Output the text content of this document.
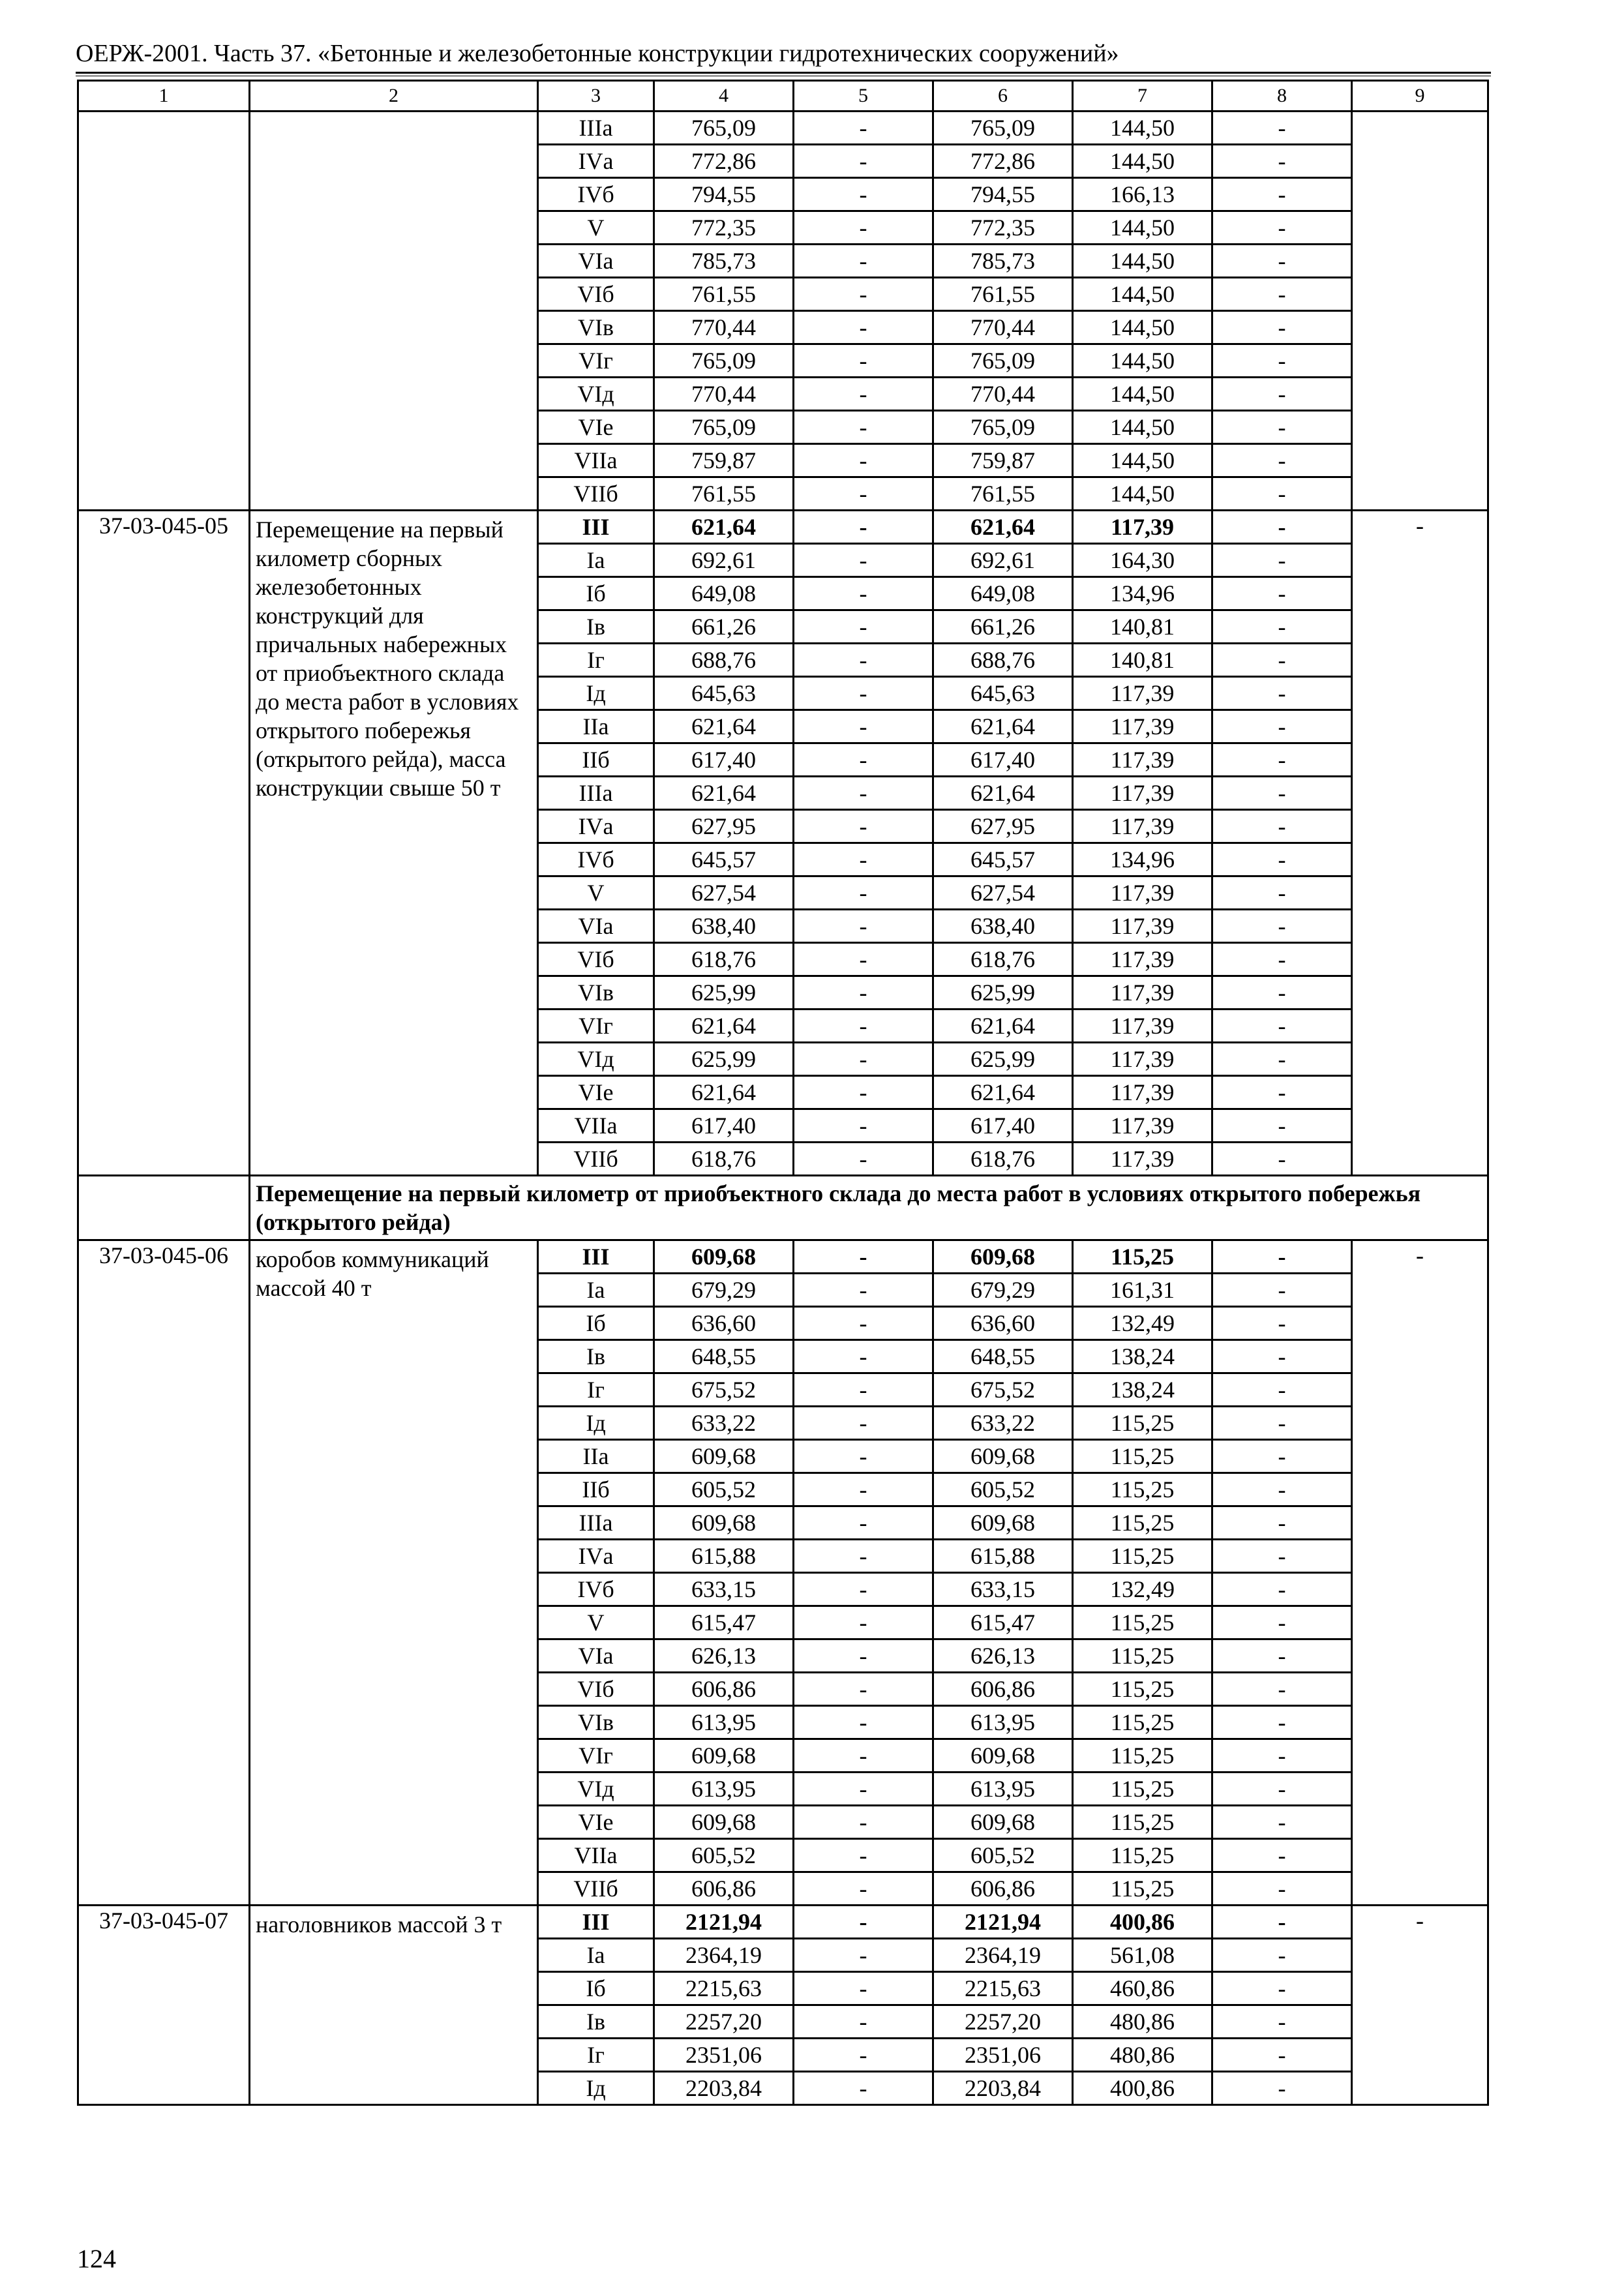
ОЕРЖ-2001. Часть 37. «Бетонные и железобетонные конструкции гидротехнических сооружений»
1	2	3	4	5	6	7	8	9
		IIIа	765,09	-	765,09	144,50	-	
		IVа	772,86	-	772,86	144,50	-	
		IVб	794,55	-	794,55	166,13	-	
		V	772,35	-	772,35	144,50	-	
		VIа	785,73	-	785,73	144,50	-	
		VIб	761,55	-	761,55	144,50	-	
		VIв	770,44	-	770,44	144,50	-	
		VIг	765,09	-	765,09	144,50	-	
		VIд	770,44	-	770,44	144,50	-	
		VIе	765,09	-	765,09	144,50	-	
		VIIа	759,87	-	759,87	144,50	-	
		VIIб	761,55	-	761,55	144,50	-	
37-03-045-05	Перемещение на первый километр сборных железобетонных конструкций для причальных набережных от приобъектного склада до места работ в условиях открытого побережья (открытого рейда), масса конструкции свыше 50 т	III	621,64	-	621,64	117,39	-	-
		Iа	692,61	-	692,61	164,30	-	
		Iб	649,08	-	649,08	134,96	-	
		Iв	661,26	-	661,26	140,81	-	
		Iг	688,76	-	688,76	140,81	-	
		Iд	645,63	-	645,63	117,39	-	
		IIа	621,64	-	621,64	117,39	-	
		IIб	617,40	-	617,40	117,39	-	
		IIIа	621,64	-	621,64	117,39	-	
		IVа	627,95	-	627,95	117,39	-	
		IVб	645,57	-	645,57	134,96	-	
		V	627,54	-	627,54	117,39	-	
		VIа	638,40	-	638,40	117,39	-	
		VIб	618,76	-	618,76	117,39	-	
		VIв	625,99	-	625,99	117,39	-	
		VIг	621,64	-	621,64	117,39	-	
		VIд	625,99	-	625,99	117,39	-	
		VIе	621,64	-	621,64	117,39	-	
		VIIа	617,40	-	617,40	117,39	-	
		VIIб	618,76	-	618,76	117,39	-	
	Перемещение на первый километр от приобъектного склада до места работ в условиях открытого побережья (открытого рейда)							
37-03-045-06	коробов коммуникаций массой 40 т	III	609,68	-	609,68	115,25	-	-
		Iа	679,29	-	679,29	161,31	-	
		Iб	636,60	-	636,60	132,49	-	
		Iв	648,55	-	648,55	138,24	-	
		Iг	675,52	-	675,52	138,24	-	
		Iд	633,22	-	633,22	115,25	-	
		IIа	609,68	-	609,68	115,25	-	
		IIб	605,52	-	605,52	115,25	-	
		IIIа	609,68	-	609,68	115,25	-	
		IVа	615,88	-	615,88	115,25	-	
		IVб	633,15	-	633,15	132,49	-	
		V	615,47	-	615,47	115,25	-	
		VIа	626,13	-	626,13	115,25	-	
		VIб	606,86	-	606,86	115,25	-	
		VIв	613,95	-	613,95	115,25	-	
		VIг	609,68	-	609,68	115,25	-	
		VIд	613,95	-	613,95	115,25	-	
		VIе	609,68	-	609,68	115,25	-	
		VIIа	605,52	-	605,52	115,25	-	
		VIIб	606,86	-	606,86	115,25	-	
37-03-045-07	наголовников массой 3 т	III	2121,94	-	2121,94	400,86	-	-
		Iа	2364,19	-	2364,19	561,08	-	
		Iб	2215,63	-	2215,63	460,86	-	
		Iв	2257,20	-	2257,20	480,86	-	
		Iг	2351,06	-	2351,06	480,86	-	
		Iд	2203,84	-	2203,84	400,86	-	
124
